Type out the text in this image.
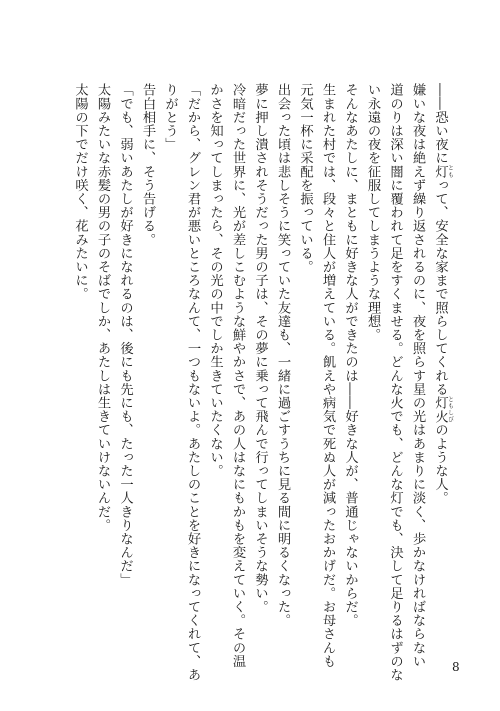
――恐い夜に灯 ともって、安全な家まで照らしてくれる灯火 ともしびのような人。

嫌いな夜は絶えず繰り返されるのに、夜を照らす星の光はあまりに淡く、歩かなければならない

道のりは深い闇に覆われて足をすくませる。どんな火でも、どんな灯でも、決して足りるはずのな

い永遠の夜を征服してしまうような理想。

そんなあたしに、まともに好きな人ができたのは――好きな人が、普通じゃないからだ。

生まれた村では、段々と住人が増えている。飢えや病気で死ぬ人が減ったおかげだ。お母さんも

元気一杯に采配を振っている。

出会った頃は悲しそうに笑っていた友達も、一緒に過ごすうちに見る間に明るくなった。

夢に押し潰されそうだった男の子は、その夢に乗って飛んで行ってしまいそうな勢い。

冷暗だった世界に、光が差しこむような鮮やかさで、あの人はなにもかもを変えていく。その温

かさを知ってしまったら、その光の中でしか生きていたくない。

「だから、グレン君が悪いところなんて、一つもないよ。あたしのことを好きになってくれて、あ

りがとう」

告白相手に、そう告げる。

「でも、弱いあたしが好きになれるのは、後にも先にも、たった一人きりなんだ」

太陽みたいな赤髪の男の子のそばでしか、あたしは生きていけないんだ。

太陽の下でだけ咲く、花みたいに。

8
